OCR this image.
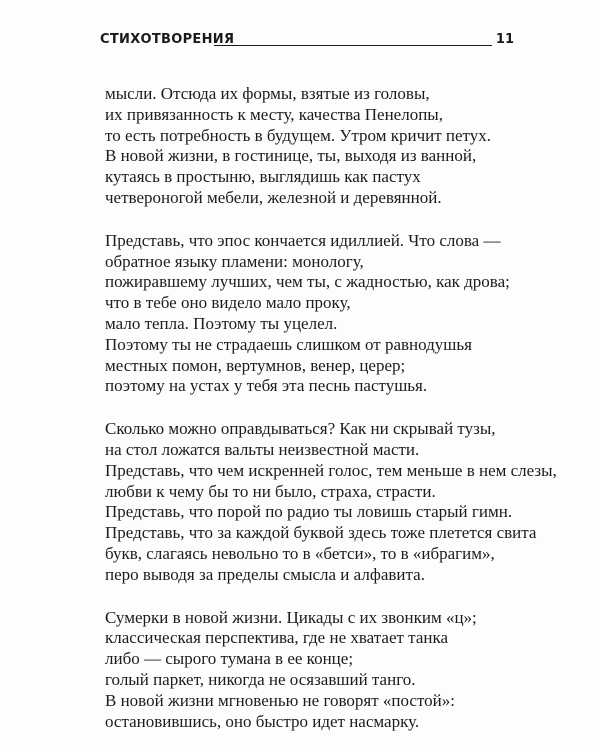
СТИХОТВОРЕНИЯ	11
мысли. Отсюда их формы, взятые из головы,
их привязанность к месту, качества Пенелопы,
то есть потребность в будущем. Утром кричит петух.
В новой жизни, в гостинице, ты, выходя из ванной,
кутаясь в простыню, выглядишь как пастух
четвероногой мебели, железной и деревянной.
Представь, что эпос кончается идиллией. Что слова —
обратное языку пламени: монологу,
пожиравшему лучших, чем ты, с жадностью, как дрова;
что в тебе оно видело мало проку,
мало тепла. Поэтому ты уцелел.
Поэтому ты не страдаешь слишком от равнодушья
местных помон, вертумнов, венер, церер;
поэтому на устах у тебя эта песнь пастушья.
Сколько можно оправдываться? Как ни скрывай тузы,
на стол ложатся вальты неизвестной масти.
Представь, что чем искренней голос, тем меньше в нем слезы,
любви к чему бы то ни было, страха, страсти.
Представь, что порой по радио ты ловишь старый гимн.
Представь, что за каждой буквой здесь тоже плетется свита
букв, слагаясь невольно то в «бетси», то в «ибрагим»,
перо выводя за пределы смысла и алфавита.
Сумерки в новой жизни. Цикады с их звонким «ц»;
классическая перспектива, где не хватает танка
либо — сырого тумана в ее конце;
голый паркет, никогда не осязавший танго.
В новой жизни мгновенью не говорят «постой»:
остановившись, оно быстро идет насмарку.
